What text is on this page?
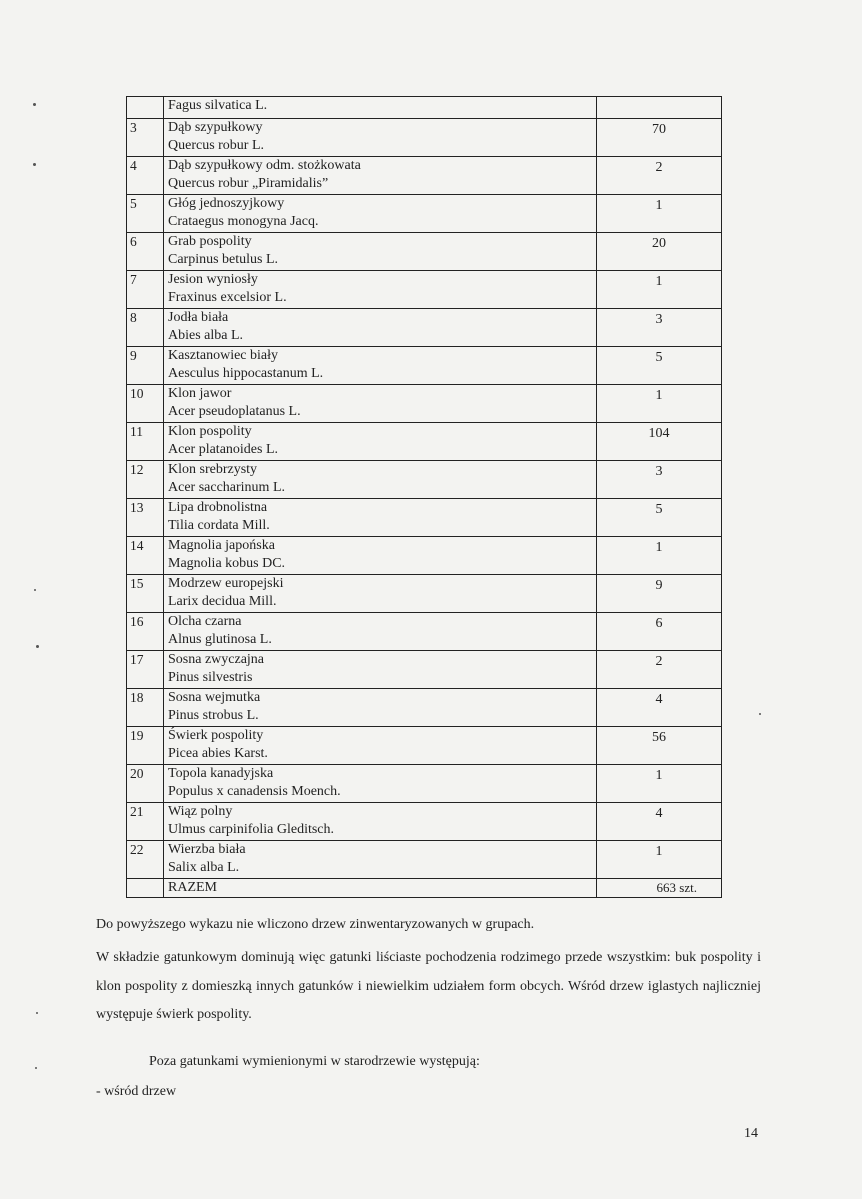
	Fagus silvatica L.	

3	Dąb szypułkowy
Quercus robur L.	70
4	Dąb szypułkowy odm. stożkowata
Quercus robur „Piramidalis”	2
5	Głóg jednoszyjkowy
Crataegus monogyna Jacq.	1
6	Grab pospolity
Carpinus betulus L.	20
7	Jesion wyniosły
Fraxinus excelsior L.	1
8	Jodła biała
Abies alba L.	3
9	Kasztanowiec biały
Aesculus hippocastanum L.	5
10	Klon jawor
Acer pseudoplatanus L.	1
11	Klon pospolity
Acer platanoides L.	104
12	Klon srebrzysty
Acer saccharinum L.	3
13	Lipa drobnolistna
Tilia cordata Mill.	5
14	Magnolia japońska
Magnolia kobus DC.	1
15	Modrzew europejski
Larix decidua Mill.	9
16	Olcha czarna
Alnus glutinosa L.	6
17	Sosna zwyczajna
Pinus silvestris	2
18	Sosna wejmutka
Pinus strobus L.	4
19	Świerk pospolity
Picea abies Karst.	56
20	Topola kanadyjska
Populus x canadensis Moench.	1
21	Wiąz polny
Ulmus carpinifolia Gleditsch.	4
22	Wierzba biała
Salix alba L.	1
	RAZEM	663 szt.
Do powyższego wykazu nie wliczono drzew zinwentaryzowanych w grupach.
W składzie gatunkowym dominują więc gatunki liściaste pochodzenia rodzimego przede wszystkim: buk pospolity i klon pospolity z domieszką innych gatunków i niewielkim udziałem form obcych. Wśród drzew iglastych najliczniej występuje świerk pospolity.
Poza gatunkami wymienionymi w starodrzewie występują:
- wśród drzew
14
